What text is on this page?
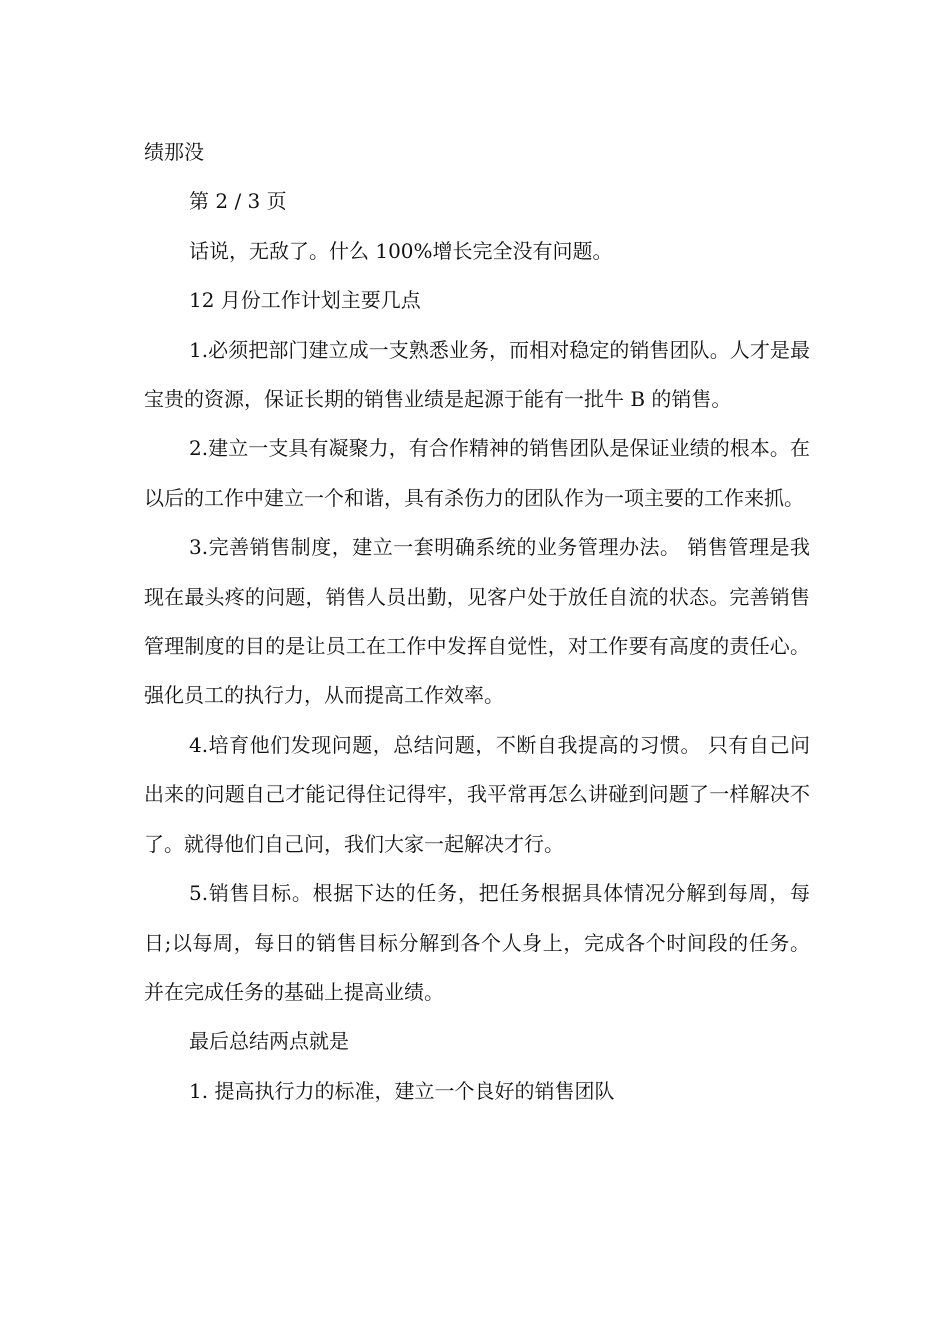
绩那没

第 2 / 3 页

话说，无敌了。什么 100%增长完全没有问题。

12 月份工作计划主要几点

1.必须把部门建立成一支熟悉业务，而相对稳定的销售团队。人才是最宝贵的资源，保证长期的销售业绩是起源于能有一批牛 B 的销售。

2.建立一支具有凝聚力，有合作精神的销售团队是保证业绩的根本。在以后的工作中建立一个和谐，具有杀伤力的团队作为一项主要的工作来抓。

3.完善销售制度，建立一套明确系统的业务管理办法。 销售管理是我现在最头疼的问题，销售人员出勤，见客户处于放任自流的状态。完善销售管理制度的目的是让员工在工作中发挥自觉性，对工作要有高度的责任心。强化员工的执行力，从而提高工作效率。

4.培育他们发现问题，总结问题，不断自我提高的习惯。 只有自己问出来的问题自己才能记得住记得牢，我平常再怎么讲碰到问题了一样解决不了。就得他们自己问，我们大家一起解决才行。

5.销售目标。根据下达的任务，把任务根据具体情况分解到每周，每日;以每周，每日的销售目标分解到各个人身上，完成各个时间段的任务。并在完成任务的基础上提高业绩。

最后总结两点就是

1. 提高执行力的标准，建立一个良好的销售团队
